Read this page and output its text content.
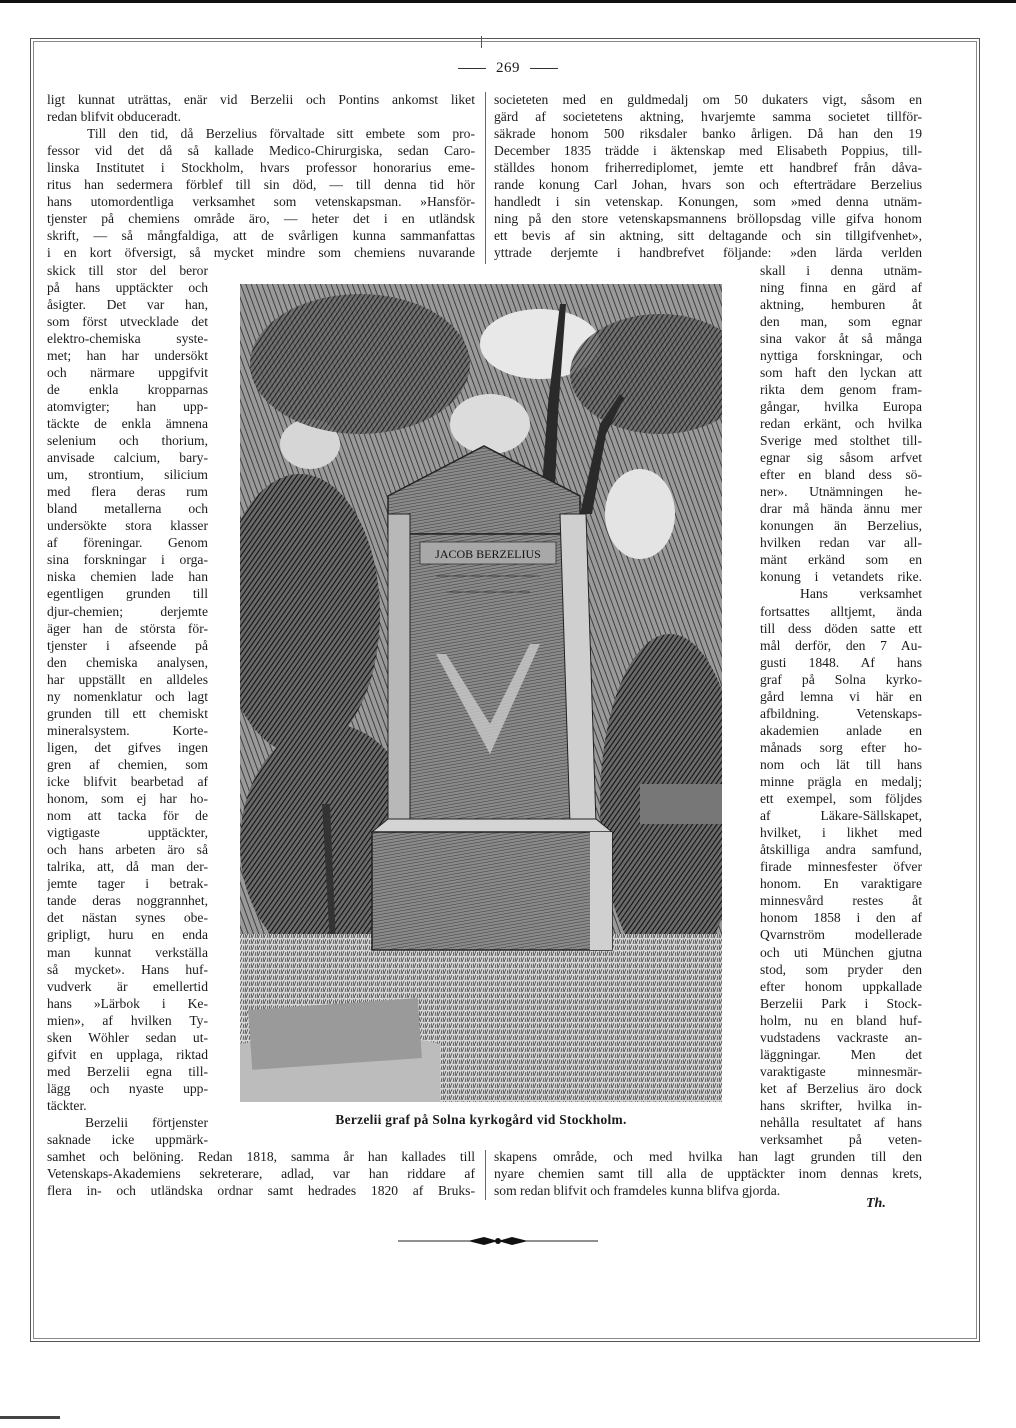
269
ligt kunnat uträttas, enär vid Berzelii och Pontins ankomst liket
redan blifvit obduceradt.
Till den tid, då Berzelius förvaltade sitt embete som pro-
fessor vid det då så kallade Medico-Chirurgiska, sedan Caro-
linska Institutet i Stockholm, hvars professor honorarius eme-
ritus han sedermera förblef till sin död, — till denna tid hör
hans utomordentliga verksamhet som vetenskapsman. »Hansför-
tjenster på chemiens område äro, — heter det i en utländsk
skrift, — så mångfaldiga, att de svårligen kunna sammanfattas
i en kort öfversigt, så mycket mindre som chemiens nuvarande
skick till stor del beror
på hans upptäckter och
åsigter. Det var han,
som först utvecklade det
elektro-chemiska syste-
met; han har undersökt
och närmare uppgifvit
de enkla kropparnas
atomvigter; han upp-
täckte de enkla ämnena
selenium och thorium,
anvisade calcium, bary-
um, strontium, silicium
med flera deras rum
bland metallerna och
undersökte stora klasser
af föreningar. Genom
sina forskningar i orga-
niska chemien lade han
egentligen grunden till
djur-chemien; derjemte
äger han de största för-
tjenster i afseende på
den chemiska analysen,
har uppställt en alldeles
ny nomenklatur och lagt
grunden till ett chemiskt
mineralsystem. Korte-
ligen, det gifves ingen
gren af chemien, som
icke blifvit bearbetad af
honom, som ej har ho-
nom att tacka för de
vigtigaste upptäckter,
och hans arbeten äro så
talrika, att, då man der-
jemte tager i betrak-
tande deras noggrannhet,
det nästan synes obe-
gripligt, huru en enda
man kunnat verkställa
så mycket». Hans huf-
vudverk är emellertid
hans »Lärbok i Ke-
mien», af hvilken Ty-
sken Wöhler sedan ut-
gifvit en upplaga, riktad
med Berzelii egna till-
lägg och nyaste upp-
täckter.
Berzelii förtjenster
saknade icke uppmärk-
samhet och belöning. Redan 1818, samma år han kallades till
Vetenskaps-Akademiens sekreterare, adlad, var han riddare af
flera in- och utländska ordnar samt hedrades 1820 af Bruks-
societeten med en guldmedalj om 50 dukaters vigt, såsom en
gärd af societetens aktning, hvarjemte samma societet tillför-
säkrade honom 500 riksdaler banko årligen. Då han den 19
December 1835 trädde i äktenskap med Elisabeth Poppius, till-
ställdes honom friherrediplomet, jemte ett handbref från dåva-
rande konung Carl Johan, hvars son och efterträdare Berzelius
handledt i sin vetenskap. Konungen, som »med denna utnäm-
ning på den store vetenskapsmannens bröllopsdag ville gifva honom
ett bevis af sin aktning, sitt deltagande och sin tillgifvenhet»,
yttrade derjemte i handbrefvet följande: »den lärda verlden
skall i denna utnäm-
ning finna en gärd af
aktning, hemburen åt
den man, som egnar
sina vakor åt så många
nyttiga forskningar, och
som haft den lyckan att
rikta dem genom fram-
gångar, hvilka Europa
redan erkänt, och hvilka
Sverige med stolthet till-
egnar sig såsom arfvet
efter en bland dess sö-
ner». Utnämningen he-
drar må hända ännu mer
konungen än Berzelius,
hvilken redan var all-
mänt erkänd som en
konung i vetandets rike.
Hans verksamhet
fortsattes alltjemt, ända
till dess döden satte ett
mål derför, den 7 Au-
gusti 1848. Af hans
graf på Solna kyrko-
gård lemna vi här en
afbildning. Vetenskaps-
akademien anlade en
månads sorg efter ho-
nom och lät till hans
minne prägla en medalj;
ett exempel, som följdes
af Läkare-Sällskapet,
hvilket, i likhet med
åtskilliga andra samfund,
firade minnesfester öfver
honom. En varaktigare
minnesvård restes åt
honom 1858 i den af
Qvarnström modellerade
och uti München gjutna
stod, som pryder den
efter honom uppkallade
Berzelii Park i Stock-
holm, nu en bland huf-
vudstadens vackraste an-
läggningar. Men det
varaktigaste minnesmär-
ket af Berzelius äro dock
hans skrifter, hvilka in-
nehålla resultatet af hans
verksamhet på veten-
skapens område, och med hvilka han lagt grunden till den
nyare chemien samt till alla de upptäckter inom dennas krets,
som redan blifvit och framdeles kunna blifva gjorda.
JACOB BERZELIUS
Berzelii graf på Solna kyrkogård vid Stockholm.
Th.
